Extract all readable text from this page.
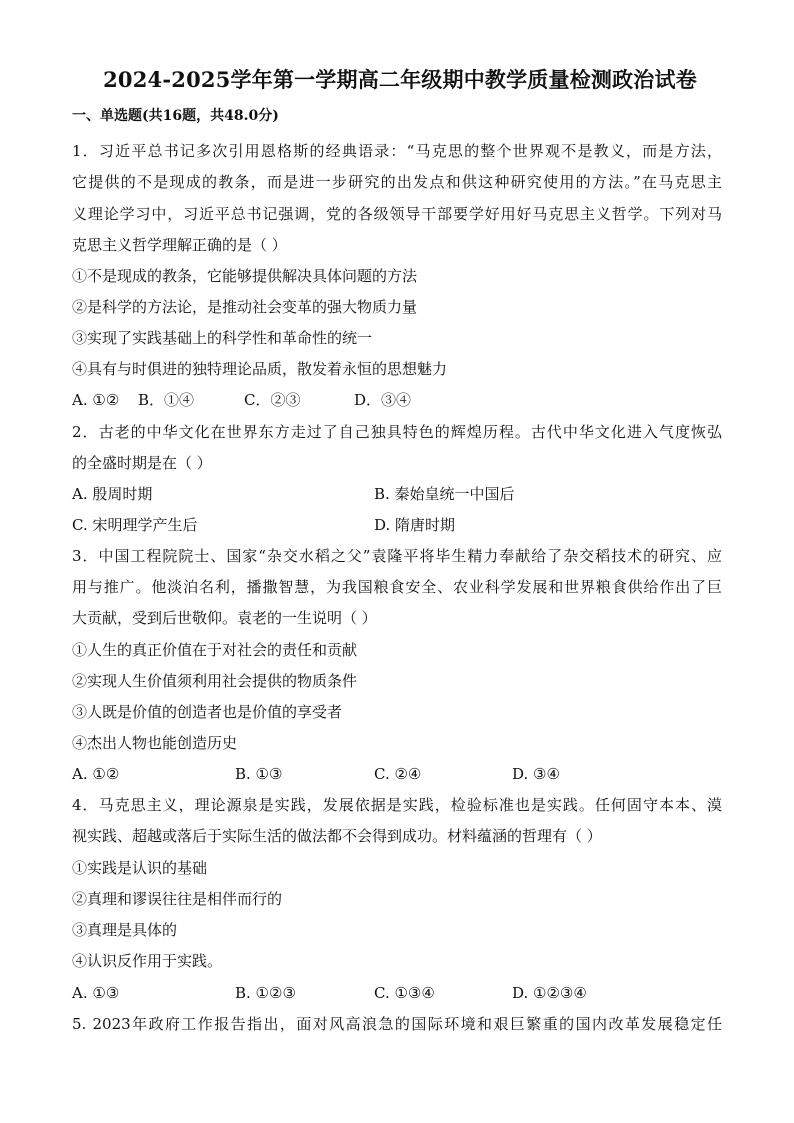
2024-2025学年第一学期高二年级期中教学质量检测政治试卷
一、单选题(共16题，共48.0分)
1．习近平总书记多次引用恩格斯的经典语录：“马克思的整个世界观不是教义，而是方法，
它提供的不是现成的教条，而是进一步研究的出发点和供这种研究使用的方法。”在马克思主
义理论学习中，习近平总书记强调，党的各级领导干部要学好用好马克思主义哲学。下列对马
克思主义哲学理解正确的是（ ）
①不是现成的教条，它能够提供解决具体问题的方法
②是科学的方法论，是推动社会变革的强大物质力量
③实现了实践基础上的科学性和革命性的统一
④具有与时俱进的独特理论品质，散发着永恒的思想魅力
A. ①② B．①④	C．②③	D．③④
2．古老的中华文化在世界东方走过了自己独具特色的辉煌历程。古代中华文化进入气度恢弘
的全盛时期是在（ ）
A. 殷周时期	B. 秦始皇统一中国后
C. 宋明理学产生后	D. 隋唐时期
3．中国工程院院士、国家“杂交水稻之父”袁隆平将毕生精力奉献给了杂交稻技术的研究、应
用与推广。他淡泊名利，播撒智慧，为我国粮食安全、农业科学发展和世界粮食供给作出了巨
大贡献，受到后世敬仰。袁老的一生说明（ ）
①人生的真正价值在于对社会的责任和贡献
②实现人生价值须利用社会提供的物质条件
③人既是价值的创造者也是价值的享受者
④杰出人物也能创造历史
A. ①②	B. ①③	C. ②④	D. ③④
4．马克思主义，理论源泉是实践，发展依据是实践，检验标准也是实践。任何固守本本、漠
视实践、超越或落后于实际生活的做法都不会得到成功。材料蕴涵的哲理有（ ）
①实践是认识的基础
②真理和谬误往往是相伴而行的
③真理是具体的
④认识反作用于实践。
A. ①③	B. ①②③	C. ①③④	D. ①②③④
5. 2023年政府工作报告指出，面对风高浪急的国际环境和艰巨繁重的国内改革发展稳定任
